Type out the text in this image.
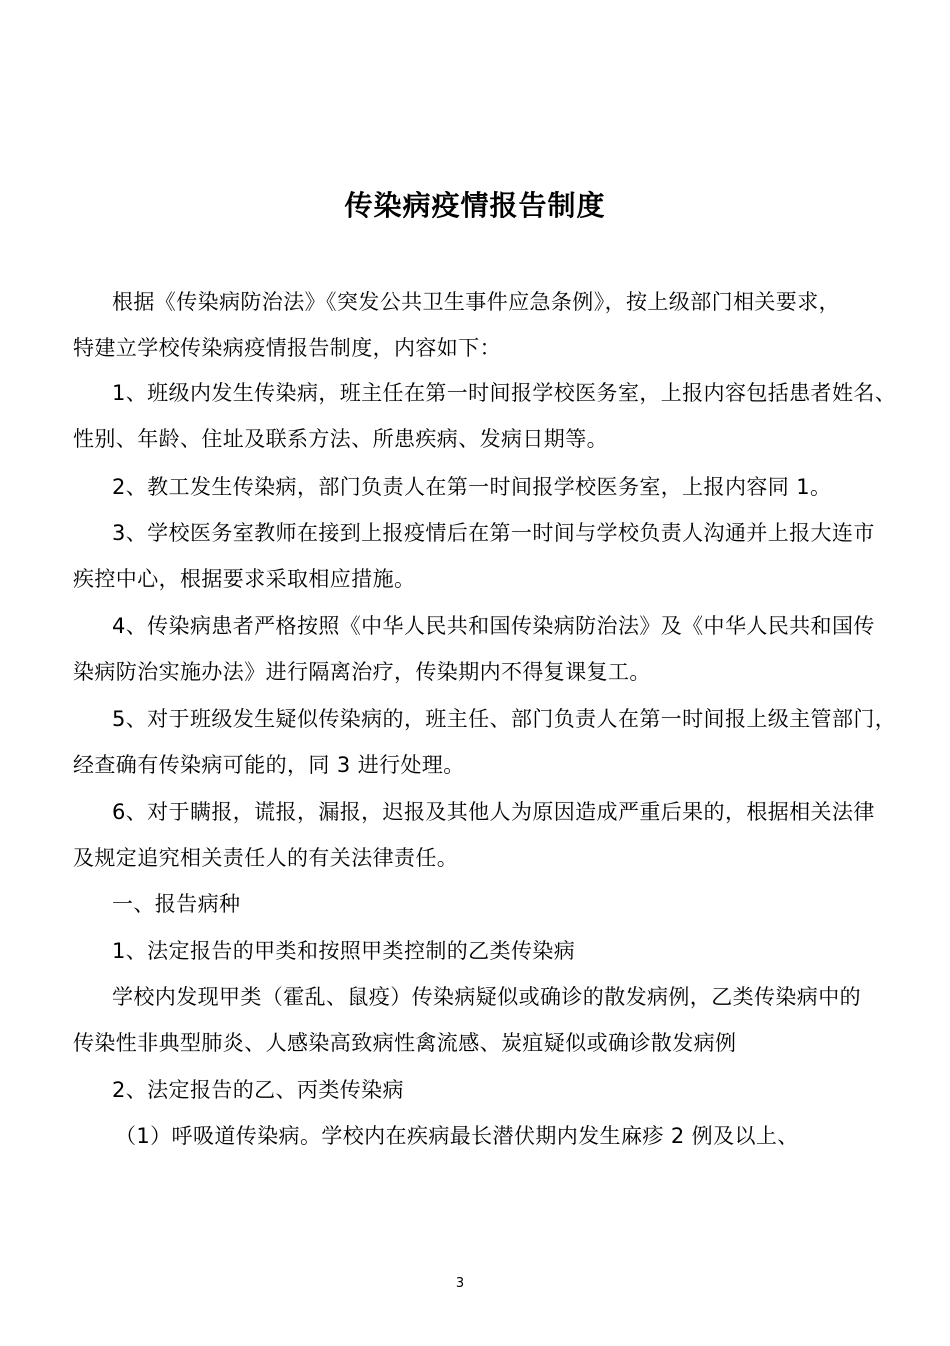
传染病疫情报告制度
根据《传染病防治法》《突发公共卫生事件应急条例》，按上级部门相关要求，
特建立学校传染病疫情报告制度，内容如下：
1、班级内发生传染病，班主任在第一时间报学校医务室，上报内容包括患者姓名、
性别、年龄、住址及联系方法、所患疾病、发病日期等。
2、教工发生传染病，部门负责人在第一时间报学校医务室，上报内容同 1。
3、学校医务室教师在接到上报疫情后在第一时间与学校负责人沟通并上报大连市
疾控中心，根据要求采取相应措施。
4、传染病患者严格按照《中华人民共和国传染病防治法》及《中华人民共和国传
染病防治实施办法》进行隔离治疗，传染期内不得复课复工。
5、对于班级发生疑似传染病的，班主任、部门负责人在第一时间报上级主管部门，
经查确有传染病可能的，同 3 进行处理。
6、对于瞒报，谎报，漏报，迟报及其他人为原因造成严重后果的，根据相关法律
及规定追究相关责任人的有关法律责任。
一、报告病种
1、法定报告的甲类和按照甲类控制的乙类传染病
学校内发现甲类（霍乱、鼠疫）传染病疑似或确诊的散发病例，乙类传染病中的
传染性非典型肺炎、人感染高致病性禽流感、炭疽疑似或确诊散发病例
2、法定报告的乙、丙类传染病
（1）呼吸道传染病。学校内在疾病最长潜伏期内发生麻疹 2 例及以上、
3
